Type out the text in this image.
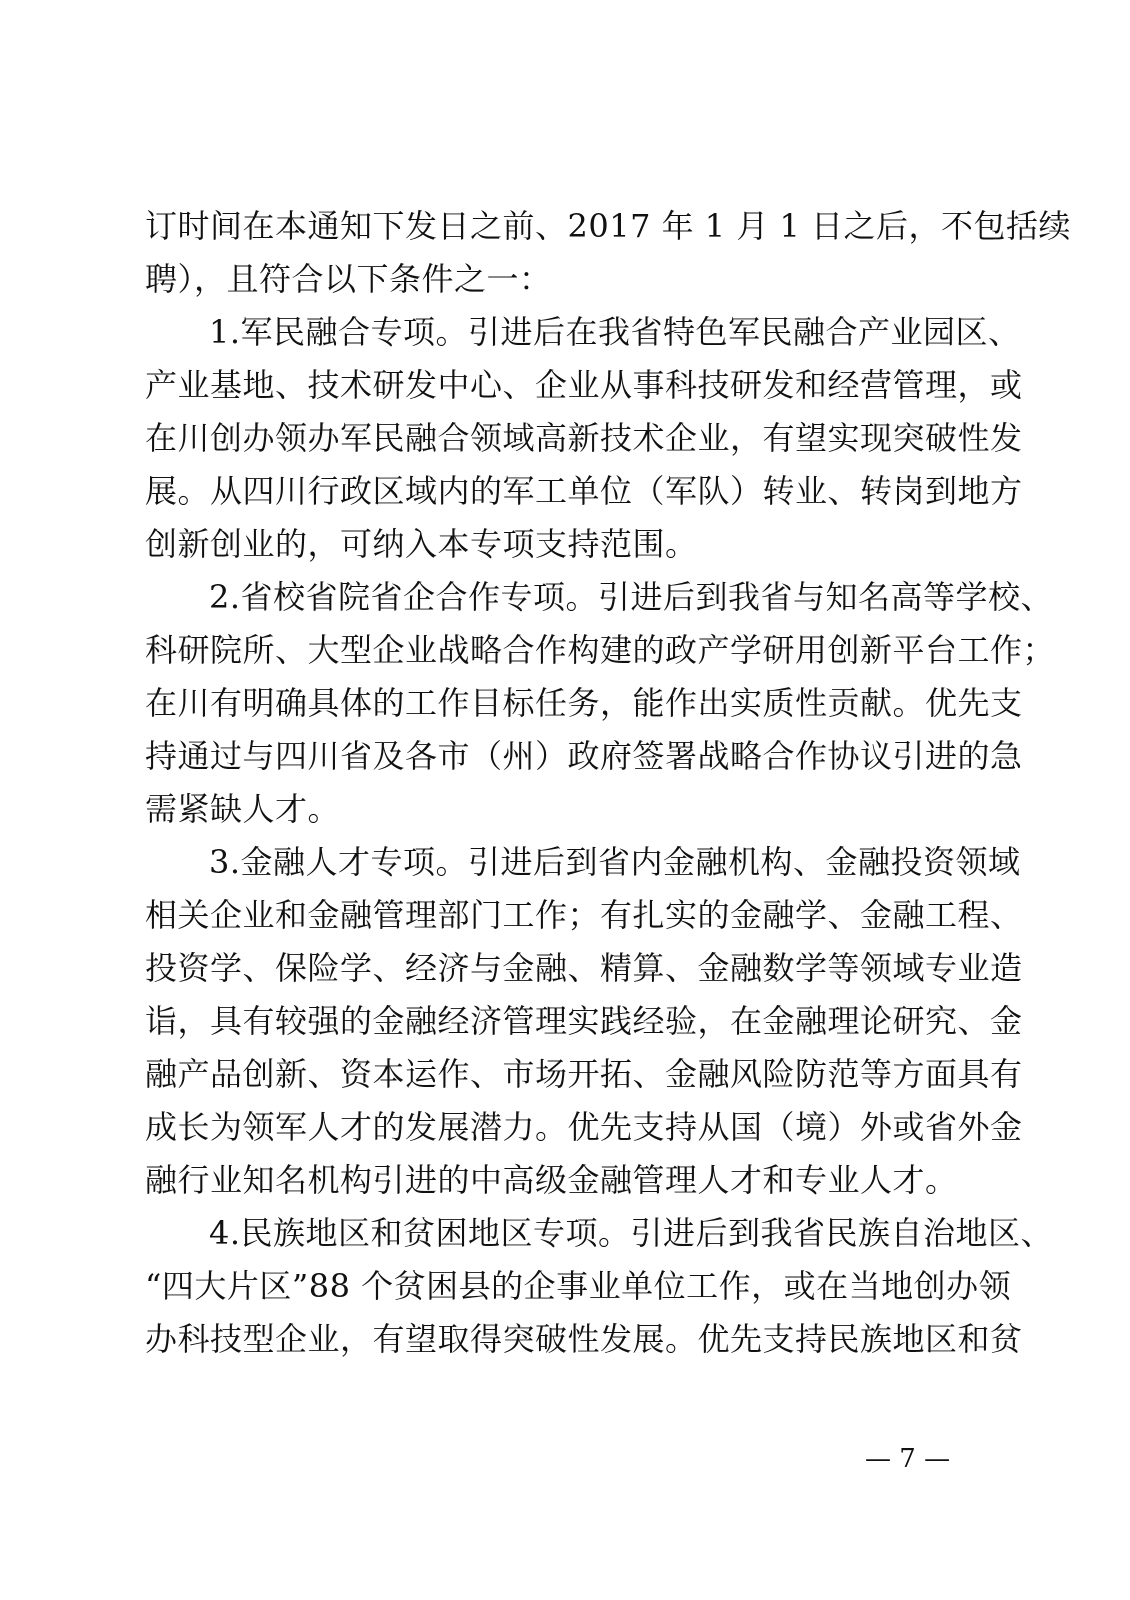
订时间在本通知下发日之前、2017 年 1 月 1 日之后，不包括续
聘），且符合以下条件之一：
1.军民融合专项。引进后在我省特色军民融合产业园区、
产业基地、技术研发中心、企业从事科技研发和经营管理，或
在川创办领办军民融合领域高新技术企业，有望实现突破性发
展。从四川行政区域内的军工单位（军队）转业、转岗到地方
创新创业的，可纳入本专项支持范围。
2.省校省院省企合作专项。引进后到我省与知名高等学校、
科研院所、大型企业战略合作构建的政产学研用创新平台工作；
在川有明确具体的工作目标任务，能作出实质性贡献。优先支
持通过与四川省及各市（州）政府签署战略合作协议引进的急
需紧缺人才。
3.金融人才专项。引进后到省内金融机构、金融投资领域
相关企业和金融管理部门工作；有扎实的金融学、金融工程、
投资学、保险学、经济与金融、精算、金融数学等领域专业造
诣，具有较强的金融经济管理实践经验，在金融理论研究、金
融产品创新、资本运作、市场开拓、金融风险防范等方面具有
成长为领军人才的发展潜力。优先支持从国（境）外或省外金
融行业知名机构引进的中高级金融管理人才和专业人才。
4.民族地区和贫困地区专项。引进后到我省民族自治地区、
“四大片区”88 个贫困县的企事业单位工作，或在当地创办领
办科技型企业，有望取得突破性发展。优先支持民族地区和贫
— 7 —
